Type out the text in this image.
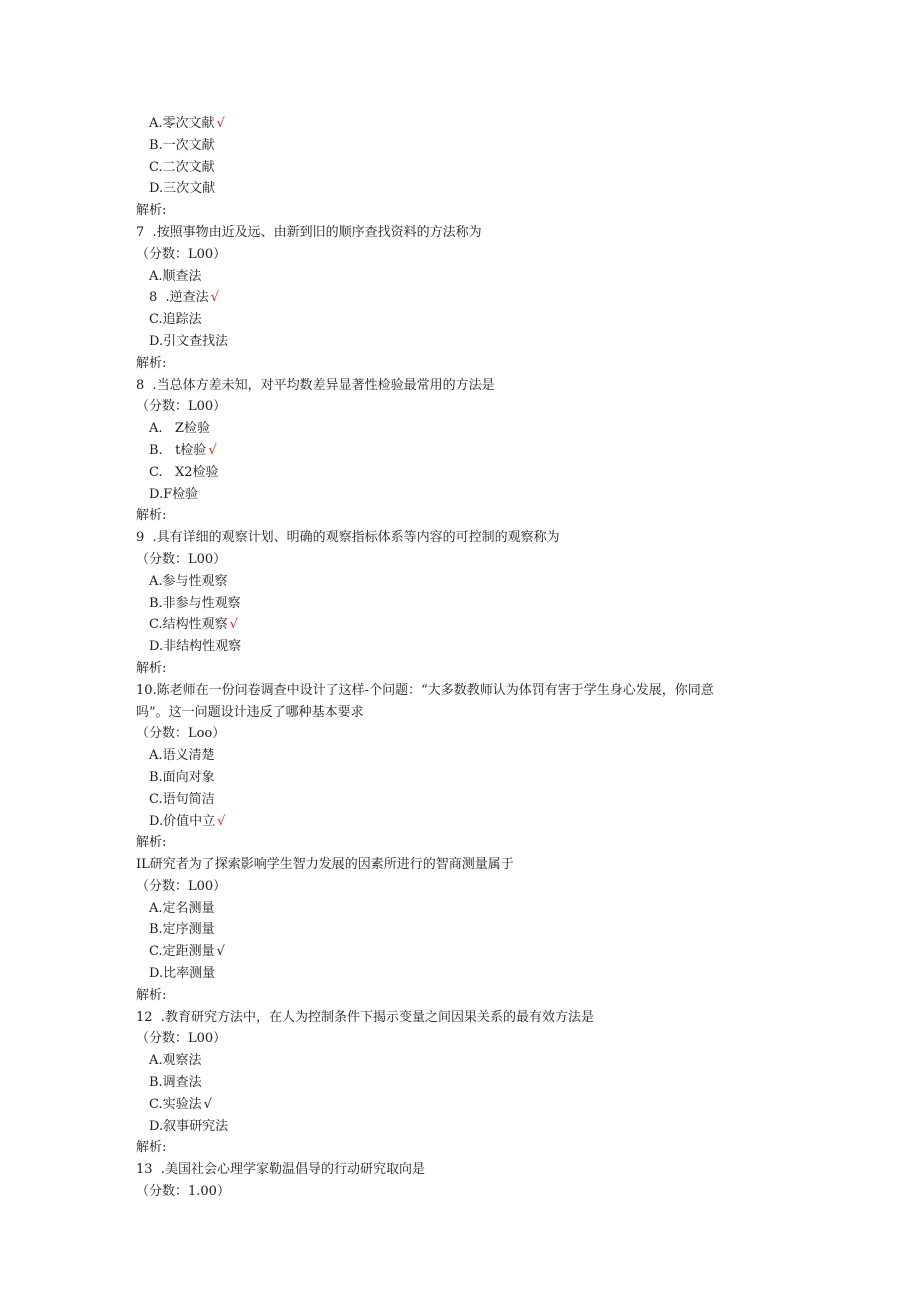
A.零次文献 √
B.一次文献
C.二次文献
D.三次文献
解析:
7  .按照事物由近及远、由新到旧的顺序查找资料的方法称为
（分数：L00）
A.顺查法
8  .逆查法 √
C.追踪法
D.引文查找法
解析:
8  .当总体方差未知，对平均数差异显著性检验最常用的方法是
（分数：L00）
A.   Z检验
B.   t检验 √
C.   X2检验
D.F检验
解析:
9  .具有详细的观察计划、明确的观察指标体系等内容的可控制的观察称为
（分数：L00）
A.参与性观察
B.非参与性观察
C.结构性观察 √
D.非结构性观察
解析:
10.陈老师在一份问卷调查中设计了这样-个问题：“大多数教师认为体罚有害于学生身心发展，你同意
吗”。这一问题设计违反了哪种基本要求
（分数：Loo）
A.语义清楚
B.面向对象
C.语句简洁
D.价值中立 √
解析:
IL研究者为了探索影响学生智力发展的因素所进行的智商测量属于
（分数：L00）
A.定名测量
B.定序测量
C.定距测量 √
D.比率测量
解析:
12  .教育研究方法中，在人为控制条件下揭示变量之间因果关系的最有效方法是
（分数：L00）
A.观察法
B.调查法
C.实验法 √
D.叙事研究法
解析:
13  .美国社会心理学家勒温倡导的行动研究取向是
（分数：1.00）
